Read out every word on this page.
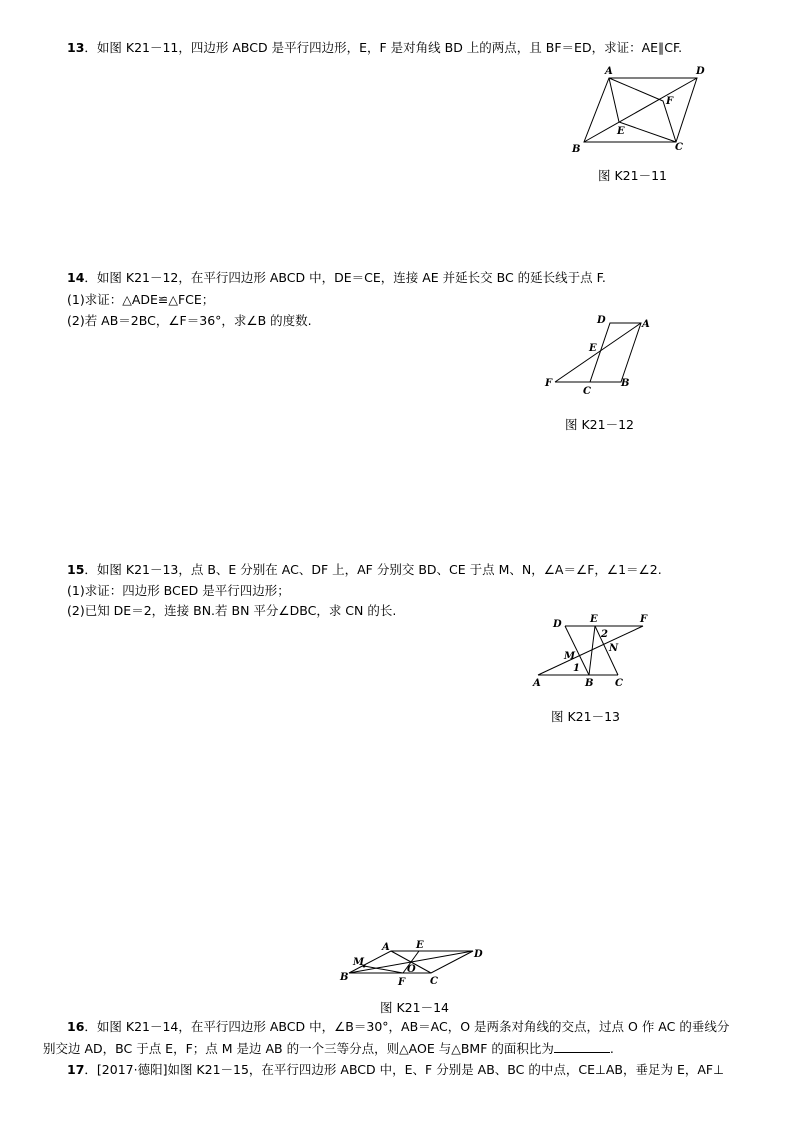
13．如图 K21－11，四边形 ABCD 是平行四边形，E，F 是对角线 BD 上的两点，且 BF＝ED，求证：AE∥CF.
A	D
B	C
E
F
图 K21－11
14．如图 K21－12，在平行四边形 ABCD 中，DE＝CE，连接 AE 并延长交 BC 的延长线于点 F.
(1)求证：△ADE≌△FCE；
(2)若 AB＝2BC，∠F＝36°，求∠B 的度数.	D	A
E
F
C
B
图 K21－12
15．如图 K21－13，点 B、E 分别在 AC、DF 上，AF 分别交 BD、CE 于点 M、N，∠A＝∠F，∠1＝∠2.
(1)求证：四边形 BCED 是平行四边形；
(2)已知 DE＝2，连接 BN.若 BN 平分∠DBC，求 CN 的长.
D	E	F
2
N
M
1
A	B C
图 K21－13
A	E
D
M
B
O
F C
图 K21－14
16．如图 K21－14，在平行四边形 ABCD 中，∠B＝30°，AB＝AC，O 是两条对角线的交点，过点 O 作 AC 的垂线分
别交边 AD，BC 于点 E，F；点 M 是边 AB 的一个三等分点，则△AOE 与△BMF 的面积比为	.
17．[2017·德阳]如图 K21－15，在平行四边形 ABCD 中，E、F 分别是 AB、BC 的中点，CE⊥AB，垂足为 E，AF⊥
